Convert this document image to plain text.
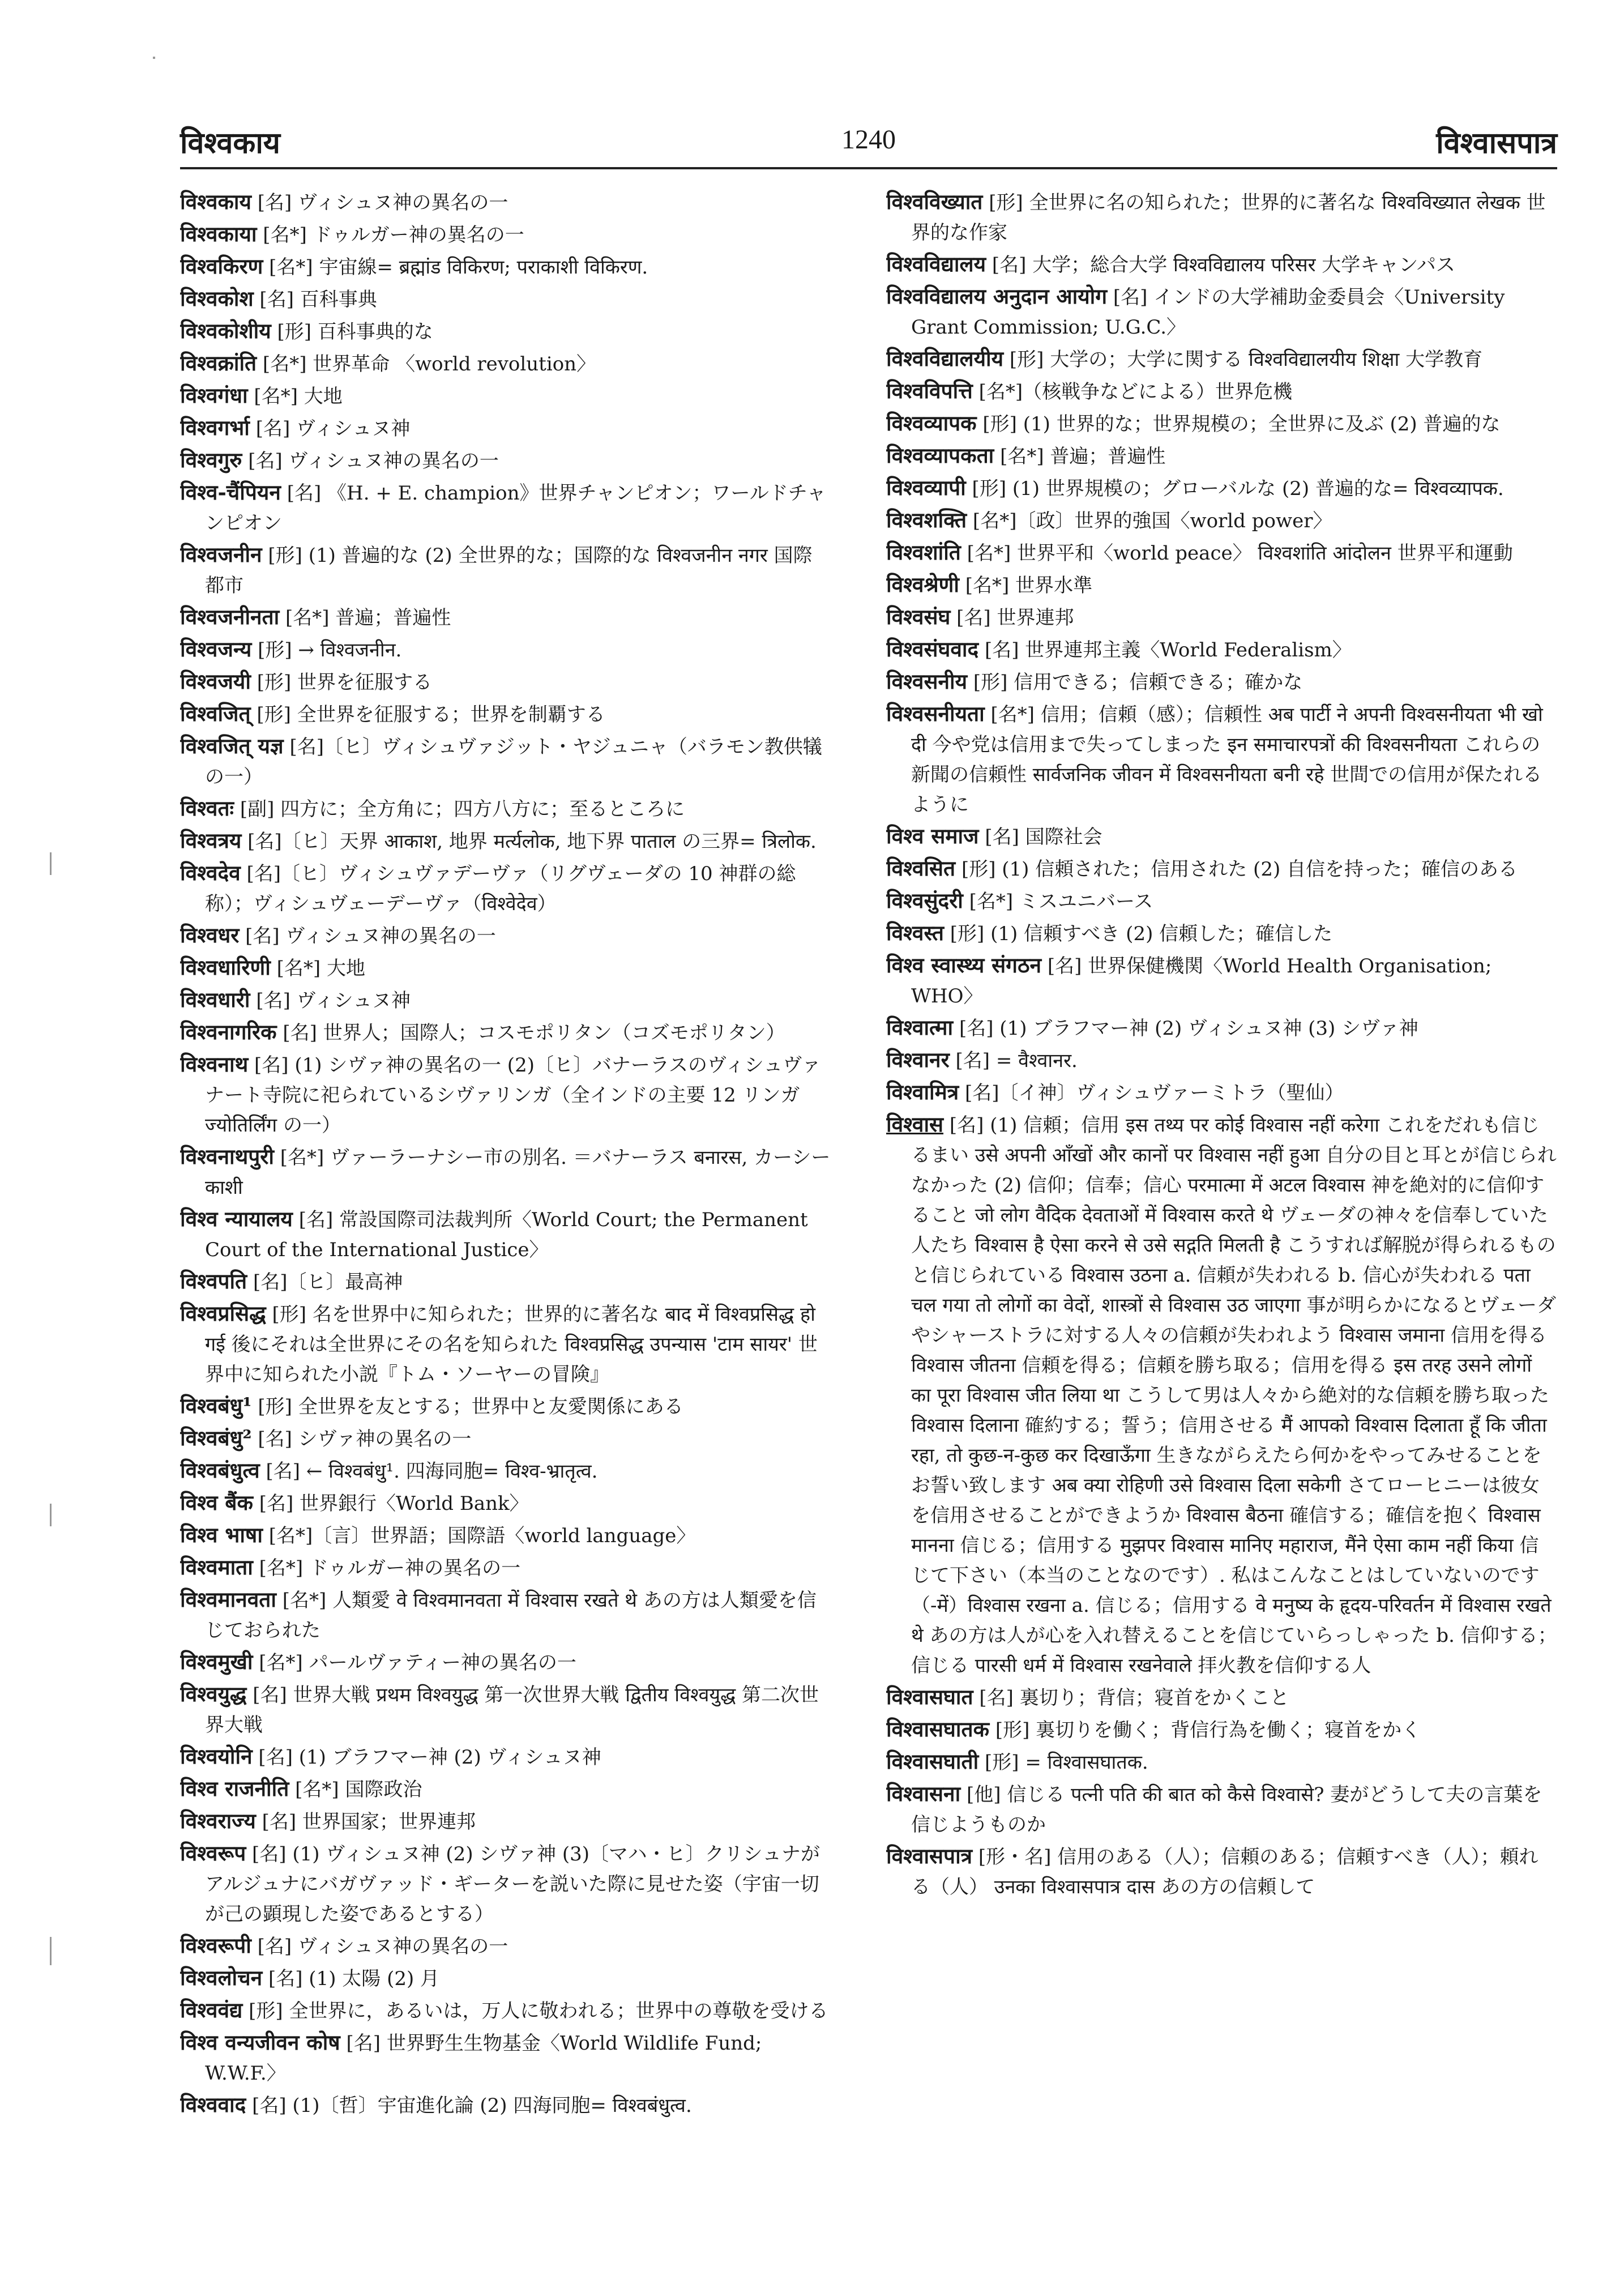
विश्वकाय	1240	विश्वासपात्र
विश्वकाय [名] ヴィシュヌ神の異名の一
विश्वकाया [名*] ドゥルガー神の異名の一
विश्वकिरण [名*] 宇宙線= ब्रह्मांड विकिरण; पराकाशी विकिरण.
विश्वकोश [名] 百科事典
विश्वकोशीय [形] 百科事典的な
विश्वक्रांति [名*] 世界革命 〈world revolution〉
विश्वगंधा [名*] 大地
विश्वगर्भा [名] ヴィシュヌ神
विश्वगुरु [名] ヴィシュヌ神の異名の一
विश्व-चैंपियन [名] 《H. + E. champion》世界チャンピオン；ワールドチャンピオン
विश्वजनीन [形] (1) 普遍的な (2) 全世界的な；国際的な विश्वजनीन नगर 国際都市
विश्वजनीनता [名*] 普遍；普遍性
विश्वजन्य [形] → विश्वजनीन.
विश्वजयी [形] 世界を征服する
विश्वजित् [形] 全世界を征服する；世界を制覇する
विश्वजित् यज्ञ [名]〔ヒ〕ヴィシュヴァジット・ヤジュニャ（バラモン教供犠の一）
विश्वतः [副] 四方に；全方角に；四方八方に；至るところに
विश्वत्रय [名]〔ヒ〕天界 आकाश, 地界 मर्त्यलोक, 地下界 पाताल の三界= त्रिलोक.
विश्वदेव [名]〔ヒ〕ヴィシュヴァデーヴァ（リグヴェーダの 10 神群の総称）；ヴィシュヴェーデーヴァ（विश्वेदेव）
विश्वधर [名] ヴィシュヌ神の異名の一
विश्वधारिणी [名*] 大地
विश्वधारी [名] ヴィシュヌ神
विश्वनागरिक [名] 世界人；国際人；コスモポリタン（コズモポリタン）
विश्वनाथ [名] (1) シヴァ神の異名の一 (2)〔ヒ〕バナーラスのヴィシュヴァナート寺院に祀られているシヴァリンガ（全インドの主要 12 リンガ ज्योतिर्लिंग の一）
विश्वनाथपुरी [名*] ヴァーラーナシー市の別名. ＝バナーラス बनारस, カーシー काशी
विश्व न्यायालय [名] 常設国際司法裁判所〈World Court; the Permanent Court of the International Justice〉
विश्वपति [名]〔ヒ〕最高神
विश्वप्रसिद्ध [形] 名を世界中に知られた；世界的に著名な बाद में विश्वप्रसिद्ध हो गई 後にそれは全世界にその名を知られた विश्वप्रसिद्ध उपन्यास 'टाम सायर' 世界中に知られた小説『トム・ソーヤーの冒険』
विश्वबंधु¹ [形] 全世界を友とする；世界中と友愛関係にある
विश्वबंधु² [名] シヴァ神の異名の一
विश्वबंधुत्व [名] ← विश्वबंधु¹. 四海同胞= विश्व-भ्रातृत्व.
विश्व बैंक [名] 世界銀行〈World Bank〉
विश्व भाषा [名*]〔言〕世界語；国際語〈world language〉
विश्वमाता [名*] ドゥルガー神の異名の一
विश्वमानवता [名*] 人類愛 वे विश्वमानवता में विश्वास रखते थे あの方は人類愛を信じておられた
विश्वमुखी [名*] パールヴァティー神の異名の一
विश्वयुद्ध [名] 世界大戦 प्रथम विश्वयुद्ध 第一次世界大戦 द्वितीय विश्वयुद्ध 第二次世界大戦
विश्वयोनि [名] (1) ブラフマー神 (2) ヴィシュヌ神
विश्व राजनीति [名*] 国際政治
विश्वराज्य [名] 世界国家；世界連邦
विश्वरूप [名] (1) ヴィシュヌ神 (2) シヴァ神 (3)〔マハ・ヒ〕クリシュナがアルジュナにバガヴァッド・ギーターを説いた際に見せた姿（宇宙一切が己の顕現した姿であるとする）
विश्वरूपी [名] ヴィシュヌ神の異名の一
विश्वलोचन [名] (1) 太陽 (2) 月
विश्ववंद्य [形] 全世界に，あるいは，万人に敬われる；世界中の尊敬を受ける
विश्व वन्यजीवन कोष [名] 世界野生生物基金〈World Wildlife Fund; W.W.F.〉
विश्ववाद [名] (1)〔哲〕宇宙進化論 (2) 四海同胞= विश्वबंधुत्व.
विश्वविख्यात [形] 全世界に名の知られた；世界的に著名な विश्वविख्यात लेखक 世界的な作家
विश्वविद्यालय [名] 大学；総合大学 विश्वविद्यालय परिसर 大学キャンパス
विश्वविद्यालय अनुदान आयोग [名] インドの大学補助金委員会〈University Grant Commission; U.G.C.〉
विश्वविद्यालयीय [形] 大学の；大学に関する विश्वविद्यालयीय शिक्षा 大学教育
विश्वविपत्ति [名*]（核戦争などによる）世界危機
विश्वव्यापक [形] (1) 世界的な；世界規模の；全世界に及ぶ (2) 普遍的な
विश्वव्यापकता [名*] 普遍；普遍性
विश्वव्यापी [形] (1) 世界規模の；グローバルな (2) 普遍的な= विश्वव्यापक.
विश्वशक्ति [名*]〔政〕世界的強国〈world power〉
विश्वशांति [名*] 世界平和〈world peace〉 विश्वशांति आंदोलन 世界平和運動
विश्वश्रेणी [名*] 世界水準
विश्वसंघ [名] 世界連邦
विश्वसंघवाद [名] 世界連邦主義〈World Federalism〉
विश्वसनीय [形] 信用できる；信頼できる；確かな
विश्वसनीयता [名*] 信用；信頼（感）；信頼性 अब पार्टी ने अपनी विश्वसनीयता भी खो दी 今や党は信用まで失ってしまった इन समाचारपत्रों की विश्वसनीयता これらの新聞の信頼性 सार्वजनिक जीवन में विश्वसनीयता बनी रहे 世間での信用が保たれるように
विश्व समाज [名] 国際社会
विश्वसित [形] (1) 信頼された；信用された (2) 自信を持った；確信のある
विश्वसुंदरी [名*] ミスユニバース
विश्वस्त [形] (1) 信頼すべき (2) 信頼した；確信した
विश्व स्वास्थ्य संगठन [名] 世界保健機関〈World Health Organisation; WHO〉
विश्वात्मा [名] (1) ブラフマー神 (2) ヴィシュヌ神 (3) シヴァ神
विश्वानर [名] = वैश्वानर.
विश्वामित्र [名]〔イ神〕ヴィシュヴァーミトラ（聖仙）
विश्वास [名] (1) 信頼；信用 इस तथ्य पर कोई विश्वास नहीं करेगा これをだれも信じるまい उसे अपनी आँखों और कानों पर विश्वास नहीं हुआ 自分の目と耳とが信じられなかった (2) 信仰；信奉；信心 परमात्मा में अटल विश्वास 神を絶対的に信仰すること जो लोग वैदिक देवताओं में विश्वास करते थे ヴェーダの神々を信奉していた人たち विश्वास है ऐसा करने से उसे सद्गति मिलती है こうすれば解脱が得られるものと信じられている विश्वास उठना a. 信頼が失われる b. 信心が失われる पता चल गया तो लोगों का वेदों, शास्त्रों से विश्वास उठ जाएगा 事が明らかになるとヴェーダやシャーストラに対する人々の信頼が失われよう विश्वास जमाना 信用を得る विश्वास जीतना 信頼を得る；信頼を勝ち取る；信用を得る इस तरह उसने लोगों का पूरा विश्वास जीत लिया था こうして男は人々から絶対的な信頼を勝ち取った विश्वास दिलाना 確約する；誓う；信用させる मैं आपको विश्वास दिलाता हूँ कि जीता रहा, तो कुछ-न-कुछ कर दिखाऊँगा 生きながらえたら何かをやってみせることをお誓い致します अब क्या रोहिणी उसे विश्वास दिला सकेगी さてローヒニーは彼女を信用させることができようか विश्वास बैठना 確信する；確信を抱く विश्वास मानना 信じる；信用する मुझपर विश्वास मानिए महाराज, मैंने ऐसा काम नहीं किया 信じて下さい（本当のことなのです）. 私はこんなことはしていないのです（-में）विश्वास रखना a. 信じる；信用する वे मनुष्य के हृदय-परिवर्तन में विश्वास रखते थे あの方は人が心を入れ替えることを信じていらっしゃった b. 信仰する；信じる पारसी धर्म में विश्वास रखनेवाले 拝火教を信仰する人
विश्वासघात [名] 裏切り；背信；寝首をかくこと
विश्वासघातक [形] 裏切りを働く；背信行為を働く；寝首をかく
विश्वासघाती [形] = विश्वासघातक.
विश्वासना [他] 信じる पत्नी पति की बात को कैसे विश्वासे? 妻がどうして夫の言葉を信じようものか
विश्वासपात्र [形・名] 信用のある（人）；信頼のある；信頼すべき（人）；頼れる（人） उनका विश्वासपात्र दास あの方の信頼して
